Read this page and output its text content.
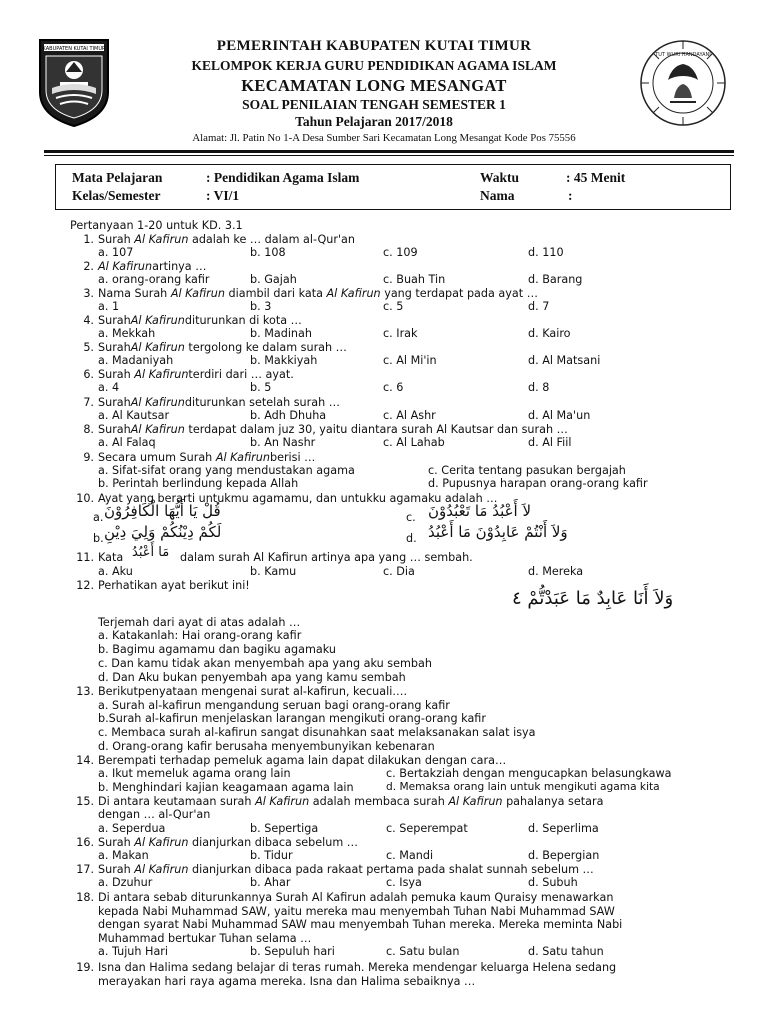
KABUPATEN KUTAI TIMUR
TUT WURI HANDAYANI
PEMERINTAH KABUPATEN KUTAI TIMUR
KELOMPOK KERJA GURU PENDIDIKAN AGAMA ISLAM
KECAMATAN LONG MESANGAT
SOAL PENILAIAN TENGAH SEMESTER 1
Tahun Pelajaran 2017/2018
Alamat: Jl. Patin No 1-A Desa Sumber Sari Kecamatan Long Mesangat Kode Pos 75556
Mata Pelajaran	: Pendidikan Agama Islam	Waktu	: 45 Menit
Kelas/Semester	: VI/1	Nama	:
Pertanyaan 1-20 untuk KD. 3.1
1. Surah Al Kafirun adalah ke … dalam al-Qur'an
a. 107	b. 108	c. 109	d. 110
2. Al Kafirunartinya …
a. orang-orang kafir	b. Gajah	c. Buah Tin	d. Barang
3. Nama Surah Al Kafirun diambil dari kata Al Kafirun yang terdapat pada ayat …
a. 1	b. 3	c. 5	d. 7
4. SurahAl Kafirunditurunkan di kota …
a. Mekkah	b. Madinah	c. Irak	d. Kairo
5. SurahAl Kafirun tergolong ke dalam surah …
a. Madaniyah	b. Makkiyah	c. Al Mi'in	d. Al Matsani
6. Surah Al Kafirunterdiri dari … ayat.
a. 4	b. 5	c. 6	d. 8
7. SurahAl Kafirunditurunkan setelah surah …
a. Al Kautsar	b. Adh Dhuha	c. Al Ashr	d. Al Ma'un
8. SurahAl Kafirun terdapat dalam juz 30, yaitu diantara surah Al Kautsar dan surah …
a. Al Falaq	b. An Nashr	c. Al Lahab	d. Al Fiil
9. Secara umum Surah Al Kafirunberisi …
a. Sifat-sifat orang yang mendustakan agama	c. Cerita tentang pasukan bergajah
b. Perintah berlindung kepada Allah	d. Pupusnya harapan orang-orang kafir
10. Ayat yang berarti untukmu agamamu, dan untukku agamaku adalah …
a. قُلْ يَا أَيُّهَا الْكَافِرُوْنَ	c. لاَ أَعْبُدُ مَا تَعْبُدُوْنَ
b. لَكُمْ دِيْنُكُمْ وَلِيَ دِيْنِ	d. وَلاَ أَنْتُمْ عَابِدُوْنَ مَا أَعْبُدُ
11. Kata مَا أَعْبُدُ dalam surah Al Kafirun artinya apa yang … sembah.
a. Aku	b. Kamu	c. Dia	d. Mereka
12. Perhatikan ayat berikut ini!
وَلاَ أَنَا عَابِدٌ مَا عَبَدْتُّمْ ٤
Terjemah dari ayat di atas adalah …
a. Katakanlah: Hai orang-orang kafir
b. Bagimu agamamu dan bagiku agamaku
c. Dan kamu tidak akan menyembah apa yang aku sembah
d. Dan Aku bukan penyembah apa yang kamu sembah
13. Berikutpenyataan mengenai surat al-kafirun, kecuali….
a. Surah al-kafirun mengandung seruan bagi orang-orang kafir
b.Surah al-kafirun menjelaskan larangan mengikuti orang-orang kafir
c. Membaca surah al-kafirun sangat disunahkan saat melaksanakan salat isya
d. Orang-orang kafir berusaha menyembunyikan kebenaran
14. Berempati terhadap pemeluk agama lain dapat dilakukan dengan cara…
a. Ikut memeluk agama orang lain	c. Bertakziah dengan mengucapkan belasungkawa
b. Menghindari kajian keagamaan agama lain	d. Memaksa orang lain untuk mengikuti agama kita
15. Di antara keutamaan surah Al Kafirun adalah membaca surah Al Kafirun pahalanya setara
dengan … al-Qur'an
a. Seperdua	b. Sepertiga	c. Seperempat	d. Seperlima
16. Surah Al Kafirun dianjurkan dibaca sebelum …
a. Makan	b. Tidur	c. Mandi	d. Bepergian
17. Surah Al Kafirun dianjurkan dibaca pada rakaat pertama pada shalat sunnah sebelum …
a. Dzuhur	b. Ahar	c. Isya	d. Subuh
18. Di antara sebab diturunkannya Surah Al Kafirun adalah pemuka kaum Quraisy menawarkan
kepada Nabi Muhammad SAW, yaitu mereka mau menyembah Tuhan Nabi Muhammad SAW
dengan syarat Nabi Muhammad SAW mau menyembah Tuhan mereka. Mereka meminta Nabi
Muhammad bertukar Tuhan selama …
a. Tujuh Hari	b. Sepuluh hari	c. Satu bulan	d. Satu tahun
19. Isna dan Halima sedang belajar di teras rumah. Mereka mendengar keluarga Helena sedang
merayakan hari raya agama mereka. Isna dan Halima sebaiknya …
